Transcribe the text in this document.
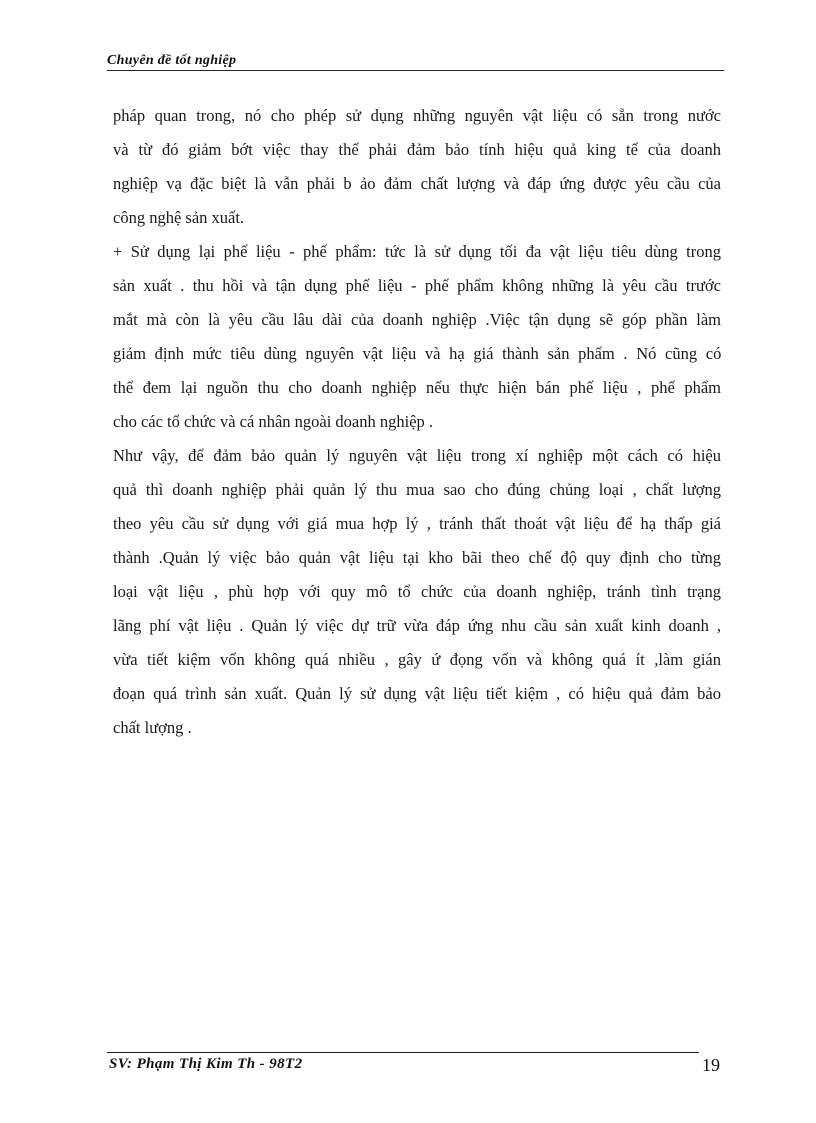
Chuyên đề tốt nghiệp
pháp quan trong, nó cho phép sử dụng những nguyên vật liệu có sẵn trong nước
và từ đó giảm bớt việc thay thế phải đảm bảo tính hiệu quả king tế của doanh
nghiệp vạ đặc biệt là vẫn phải b ảo đảm chất lượng và đáp ứng được yêu cầu của
công nghệ sản xuất.
+ Sử dụng lại phế liệu - phế phẩm: tức là sử dụng tối đa vật liệu tiêu dùng trong
sản xuất . thu hồi và tận dụng phế liệu - phế phẩm không những là yêu cầu trước
mắt mà còn là yêu cầu lâu dài của doanh nghiệp .Việc tận dụng sẽ góp phần làm
giảm định mức tiêu dùng nguyên vật liệu và hạ giá thành sản phẩm . Nó cũng có
thể đem lại nguồn thu cho doanh nghiệp nếu thực hiện bán phế liệu , phế phẩm
cho các tổ chức và cá nhân ngoài doanh nghiệp .
Như vậy, để đảm bảo quản lý nguyên vật liệu trong xí nghiệp một cách có hiệu
quả thì doanh nghiệp phải quản lý thu mua sao cho đúng chủng loại , chất lượng
theo yêu cầu sử dụng với giá mua hợp lý , tránh thất thoát vật liệu để hạ thấp giá
thành .Quản lý việc bảo quản vật liệu tại kho bãi theo chế độ quy định cho từng
loại vật liệu , phù hợp với quy mô tổ chức của doanh nghiệp, tránh tình trạng
lãng phí vật liệu . Quản lý việc dự trữ vừa đáp ứng nhu cầu sản xuất kinh doanh ,
vừa tiết kiệm vốn không quá nhiều , gây ứ đọng vốn và không quá ít ,làm gián
đoạn quá trình sản xuất. Quản lý sử dụng vật liệu tiết kiệm , có hiệu quả đảm bảo
chất lượng .
SV: Phạm Thị Kim Th - 98T2	19
